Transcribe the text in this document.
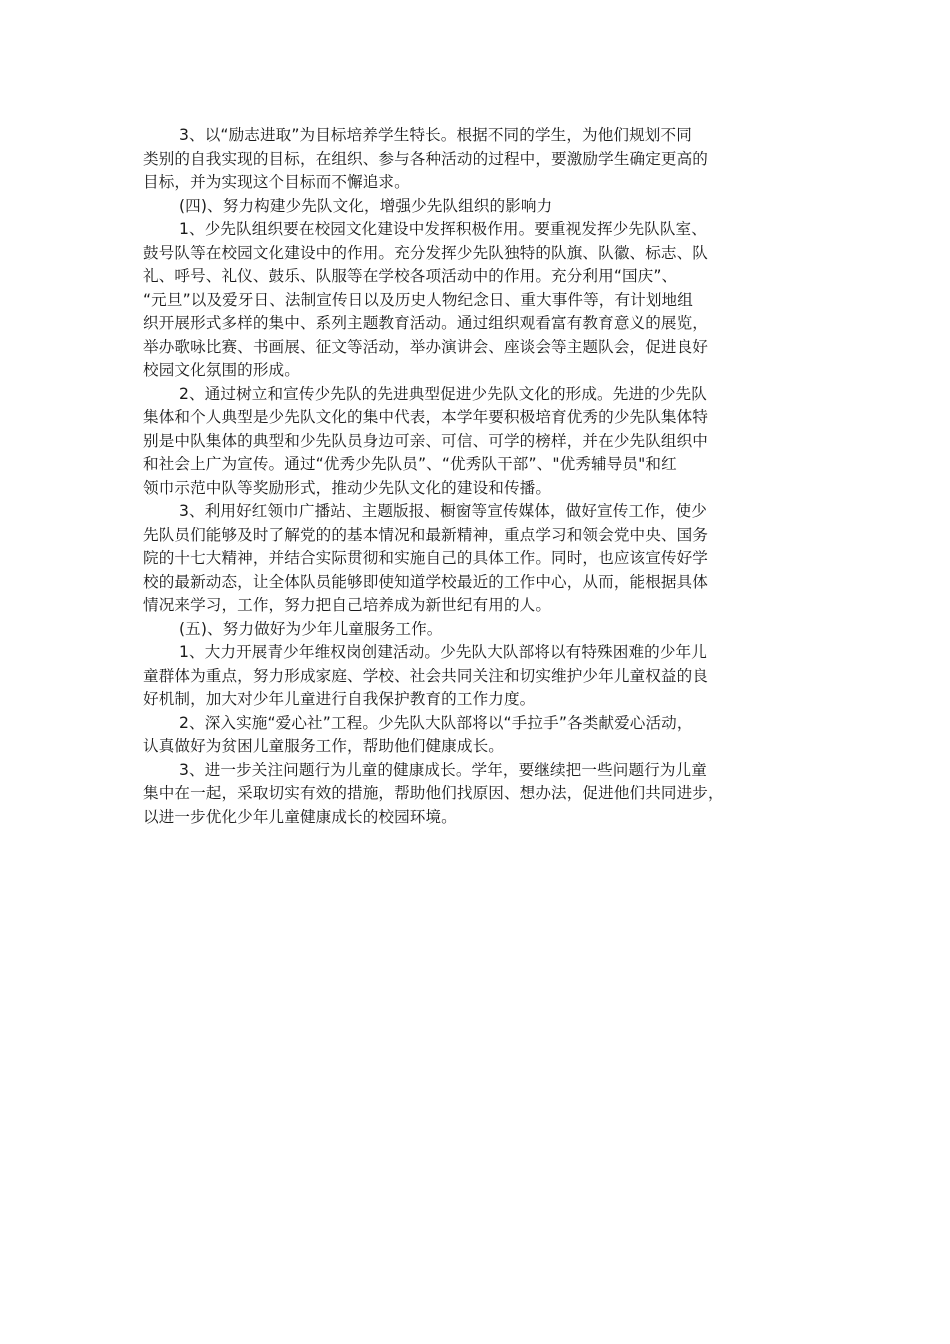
3、以“励志进取”为目标培养学生特长。根据不同的学生，为他们规划不同
类别的自我实现的目标，在组织、参与各种活动的过程中，要激励学生确定更高的
目标，并为实现这个目标而不懈追求。

(四)、努力构建少先队文化，增强少先队组织的影响力

1、少先队组织要在校园文化建设中发挥积极作用。要重视发挥少先队队室、
鼓号队等在校园文化建设中的作用。充分发挥少先队独特的队旗、队徽、标志、队
礼、呼号、礼仪、鼓乐、队服等在学校各项活动中的作用。充分利用“国庆”、
“元旦”以及爱牙日、法制宣传日以及历史人物纪念日、重大事件等，有计划地组
织开展形式多样的集中、系列主题教育活动。通过组织观看富有教育意义的展览，
举办歌咏比赛、书画展、征文等活动，举办演讲会、座谈会等主题队会，促进良好
校园文化氛围的形成。

2、通过树立和宣传少先队的先进典型促进少先队文化的形成。先进的少先队
集体和个人典型是少先队文化的集中代表，本学年要积极培育优秀的少先队集体特
别是中队集体的典型和少先队员身边可亲、可信、可学的榜样，并在少先队组织中
和社会上广为宣传。通过“优秀少先队员”、“优秀队干部”、"优秀辅导员"和红
领巾示范中队等奖励形式，推动少先队文化的建设和传播。

3、利用好红领巾广播站、主题版报、橱窗等宣传媒体，做好宣传工作，使少
先队员们能够及时了解党的的基本情况和最新精神，重点学习和领会党中央、国务
院的十七大精神，并结合实际贯彻和实施自己的具体工作。同时，也应该宣传好学
校的最新动态，让全体队员能够即使知道学校最近的工作中心，从而，能根据具体
情况来学习，工作，努力把自己培养成为新世纪有用的人。

(五)、努力做好为少年儿童服务工作。

1、大力开展青少年维权岗创建活动。少先队大队部将以有特殊困难的少年儿
童群体为重点，努力形成家庭、学校、社会共同关注和切实维护少年儿童权益的良
好机制，加大对少年儿童进行自我保护教育的工作力度。

2、深入实施“爱心社”工程。少先队大队部将以“手拉手”各类献爱心活动，
认真做好为贫困儿童服务工作，帮助他们健康成长。

3、进一步关注问题行为儿童的健康成长。学年，要继续把一些问题行为儿童
集中在一起，采取切实有效的措施，帮助他们找原因、想办法，促进他们共同进步，
以进一步优化少年儿童健康成长的校园环境。
